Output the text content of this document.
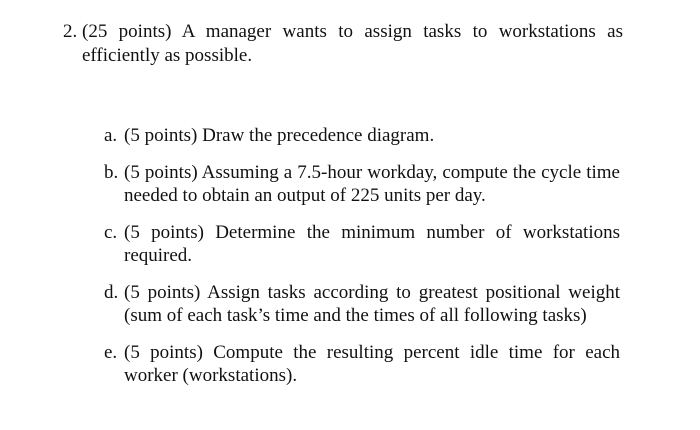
2. (25 points) A manager wants to assign tasks to workstations as efficiently as possible.
a. (5 points) Draw the precedence diagram.
b. (5 points) Assuming a 7.5-hour workday, compute the cycle time needed to obtain an output of 225 units per day.
c. (5 points) Determine the minimum number of workstations required.
d. (5 points) Assign tasks according to greatest positional weight (sum of each task’s time and the times of all following tasks)
e. (5 points) Compute the resulting percent idle time for each worker (workstations).
